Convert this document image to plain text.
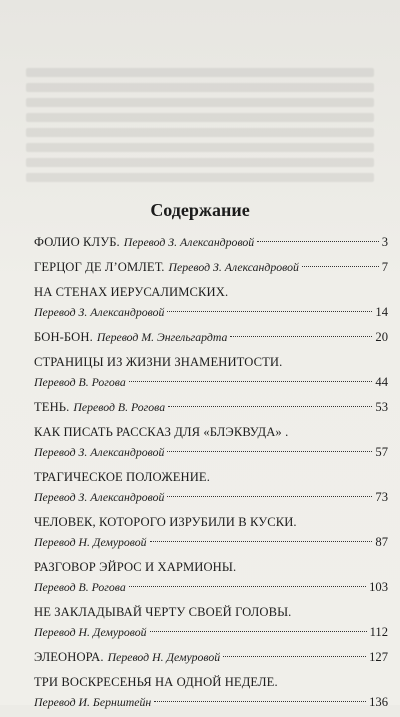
Содержание
ФОЛИО КЛУБ. Перевод З. Александровой	3
ГЕРЦОГ ДЕ Л’ОМЛЕТ. Перевод З. Александровой	7
НА СТЕНАХ ИЕРУСАЛИМСКИХ.
Перевод З. Александровой	14
БОН-БОН. Перевод М. Энгельгардта	20
СТРАНИЦЫ ИЗ ЖИЗНИ ЗНАМЕНИТОСТИ.
Перевод В. Рогова	44
ТЕНЬ. Перевод В. Рогова	53
КАК ПИСАТЬ РАССКАЗ ДЛЯ «БЛЭКВУДА» .
Перевод З. Александровой	57
ТРАГИЧЕСКОЕ ПОЛОЖЕНИЕ.
Перевод З. Александровой	73
ЧЕЛОВЕК, КОТОРОГО ИЗРУБИЛИ В КУСКИ.
Перевод Н. Демуровой	87
РАЗГОВОР ЭЙРОС И ХАРМИОНЫ.
Перевод В. Рогова	103
НЕ ЗАКЛАДЫВАЙ ЧЕРТУ СВОЕЙ ГОЛОВЫ.
Перевод Н. Демуровой	112
ЭЛЕОНОРА. Перевод Н. Демуровой	127
ТРИ ВОСКРЕСЕНЬЯ НА ОДНОЙ НЕДЕЛЕ.
Перевод И. Бернштейн	136
